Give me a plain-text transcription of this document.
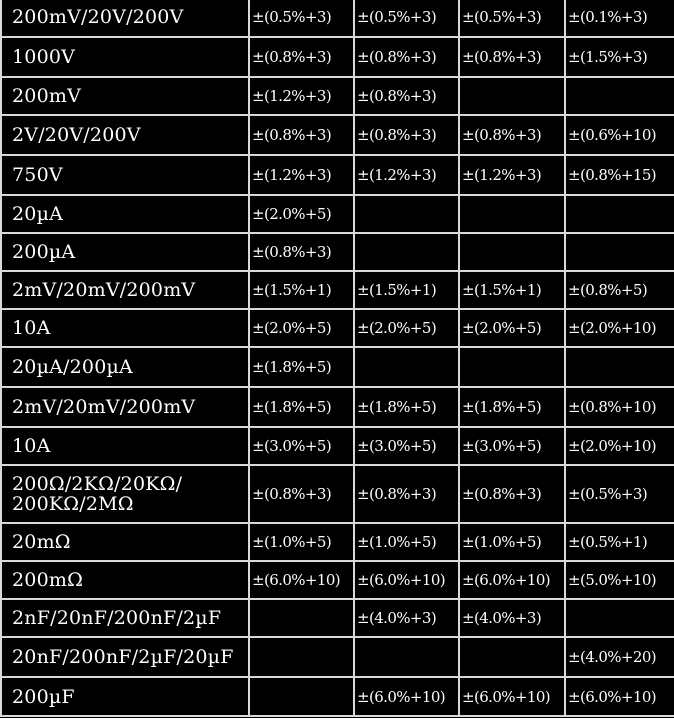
200mV/20V/200V	±(0.5%+3)	±(0.5%+3)	±(0.5%+3)	±(0.1%+3)
1000V	±(0.8%+3)	±(0.8%+3)	±(0.8%+3)	±(1.5%+3)
200mV	±(1.2%+3)	±(0.8%+3)		
2V/20V/200V	±(0.8%+3)	±(0.8%+3)	±(0.8%+3)	±(0.6%+10)
750V	±(1.2%+3)	±(1.2%+3)	±(1.2%+3)	±(0.8%+15)
20µA	±(2.0%+5)			
200µA	±(0.8%+3)			
2mV/20mV/200mV	±(1.5%+1)	±(1.5%+1)	±(1.5%+1)	±(0.8%+5)
10A	±(2.0%+5)	±(2.0%+5)	±(2.0%+5)	±(2.0%+10)
20µA/200µA	±(1.8%+5)			
2mV/20mV/200mV	±(1.8%+5)	±(1.8%+5)	±(1.8%+5)	±(0.8%+10)
10A	±(3.0%+5)	±(3.0%+5)	±(3.0%+5)	±(2.0%+10)
200Ω/2KΩ/20KΩ/ 200KΩ/2MΩ	±(0.8%+3)	±(0.8%+3)	±(0.8%+3)	±(0.5%+3)
20mΩ	±(1.0%+5)	±(1.0%+5)	±(1.0%+5)	±(0.5%+1)
200mΩ	±(6.0%+10)	±(6.0%+10)	±(6.0%+10)	±(5.0%+10)
2nF/20nF/200nF/2µF		±(4.0%+3)	±(4.0%+3)	
20nF/200nF/2µF/20µF				±(4.0%+20)
200µF		±(6.0%+10)	±(6.0%+10)	±(6.0%+10)
